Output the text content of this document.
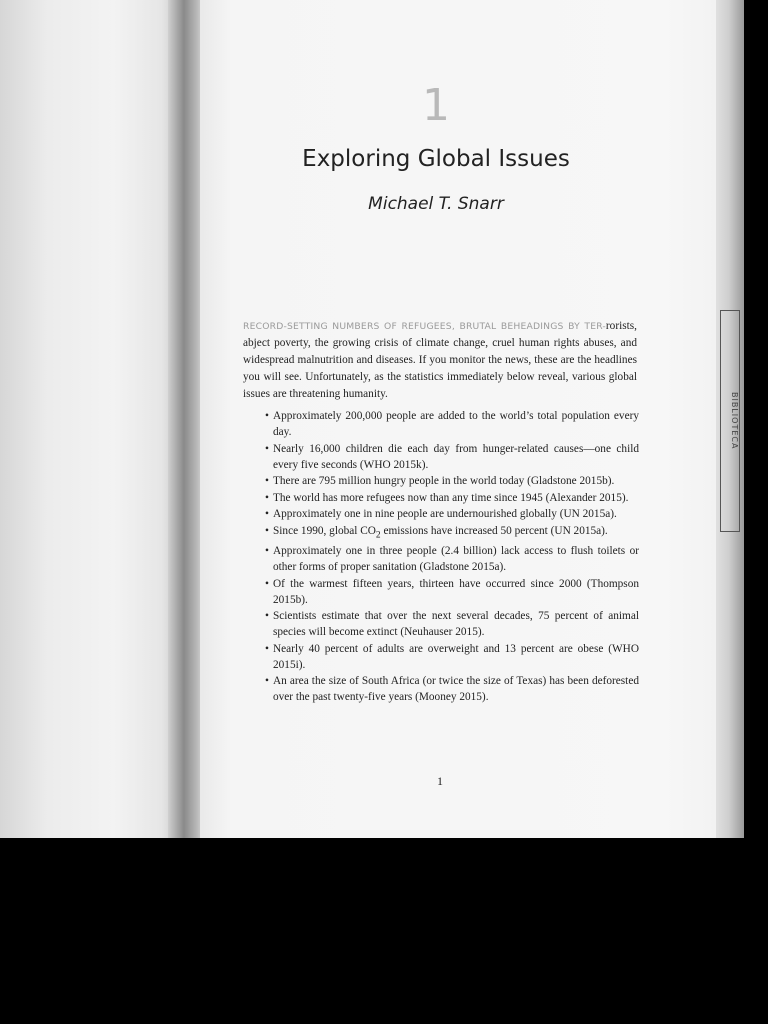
BIBLIOTECA
1
Exploring Global Issues
Michael T. Snarr

RECORD-SETTING NUMBERS OF REFUGEES, BRUTAL BEHEADINGS BY TER-rorists, abject poverty, the growing crisis of climate change, cruel human rights abuses, and widespread malnutrition and diseases. If you monitor the news, these are the headlines you will see. Unfortunately, as the statistics immediately below reveal, various global issues are threatening humanity.

• Approximately 200,000 people are added to the world’s total population every day.
• Nearly 16,000 children die each day from hunger-related causes—one child every five seconds (WHO 2015k).
• There are 795 million hungry people in the world today (Gladstone 2015b).
• The world has more refugees now than any time since 1945 (Alexander 2015).
• Approximately one in nine people are undernourished globally (UN 2015a).
• Since 1990, global $CO_2$ emissions have increased 50 percent (UN 2015a).
• Approximately one in three people (2.4 billion) lack access to flush toilets or other forms of proper sanitation (Gladstone 2015a).
• Of the warmest fifteen years, thirteen have occurred since 2000 (Thompson 2015b).
• Scientists estimate that over the next several decades, 75 percent of animal species will become extinct (Neuhauser 2015).
• Nearly 40 percent of adults are overweight and 13 percent are obese (WHO 2015i).
• An area the size of South Africa (or twice the size of Texas) has been deforested over the past twenty-five years (Mooney 2015).
1
